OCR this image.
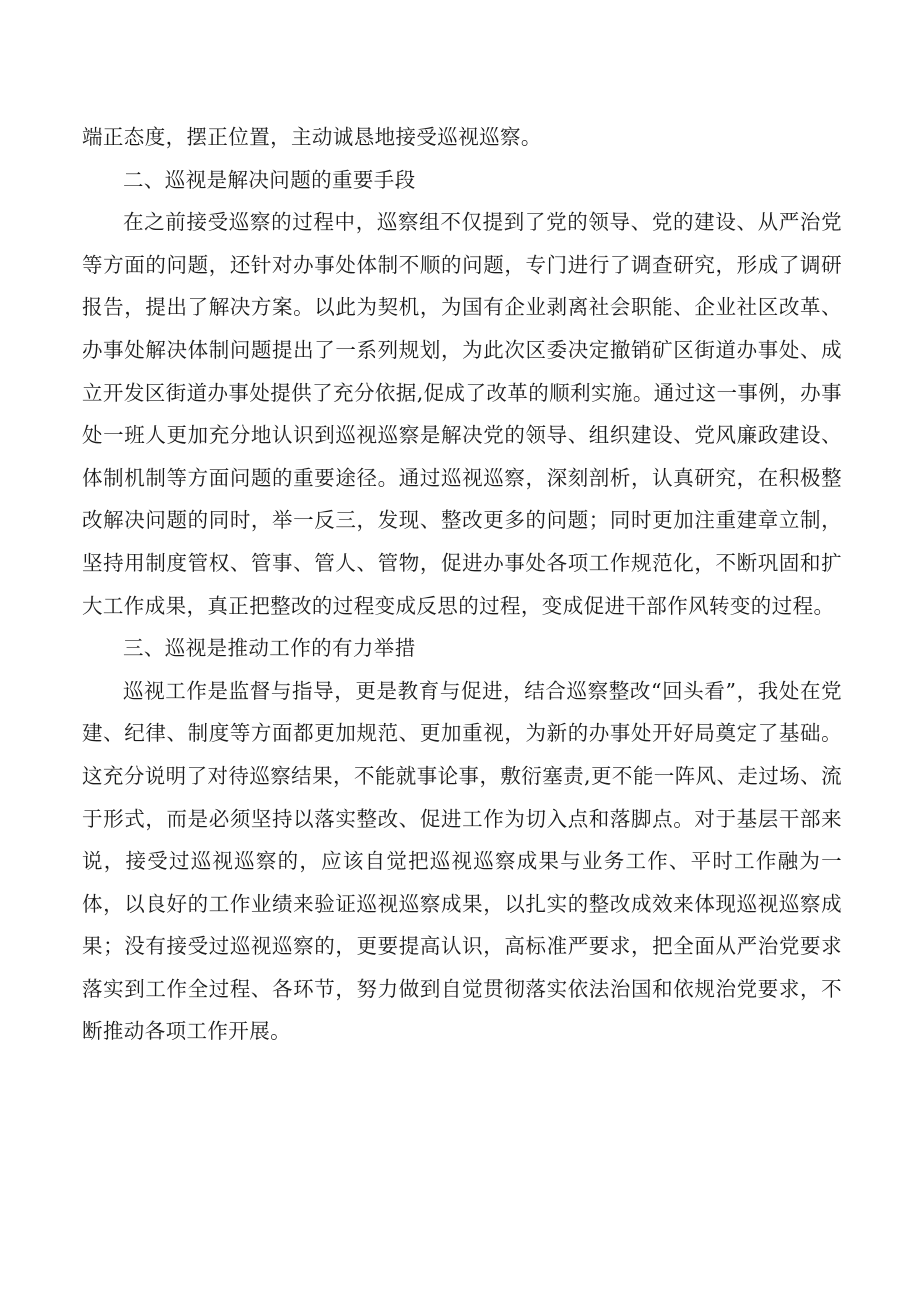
端正态度，摆正位置，主动诚恳地接受巡视巡察。

二、巡视是解决问题的重要手段

在之前接受巡察的过程中，巡察组不仅提到了党的领导、党的建设、从严治党等方面的问题，还针对办事处体制不顺的问题，专门进行了调查研究，形成了调研报告，提出了解决方案。以此为契机，为国有企业剥离社会职能、企业社区改革、办事处解决体制问题提出了一系列规划，为此次区委决定撤销矿区街道办事处、成立开发区街道办事处提供了充分依据,促成了改革的顺利实施。通过这一事例，办事处一班人更加充分地认识到巡视巡察是解决党的领导、组织建设、党风廉政建设、体制机制等方面问题的重要途径。通过巡视巡察，深刻剖析，认真研究，在积极整改解决问题的同时，举一反三，发现、整改更多的问题；同时更加注重建章立制，坚持用制度管权、管事、管人、管物，促进办事处各项工作规范化，不断巩固和扩大工作成果，真正把整改的过程变成反思的过程，变成促进干部作风转变的过程。

三、巡视是推动工作的有力举措

巡视工作是监督与指导，更是教育与促进，结合巡察整改“回头看”，我处在党建、纪律、制度等方面都更加规范、更加重视，为新的办事处开好局奠定了基础。这充分说明了对待巡察结果，不能就事论事，敷衍塞责,更不能一阵风、走过场、流于形式，而是必须坚持以落实整改、促进工作为切入点和落脚点。对于基层干部来说，接受过巡视巡察的，应该自觉把巡视巡察成果与业务工作、平时工作融为一体，以良好的工作业绩来验证巡视巡察成果，以扎实的整改成效来体现巡视巡察成果；没有接受过巡视巡察的，更要提高认识，高标准严要求，把全面从严治党要求落实到工作全过程、各环节，努力做到自觉贯彻落实依法治国和依规治党要求，不断推动各项工作开展。
